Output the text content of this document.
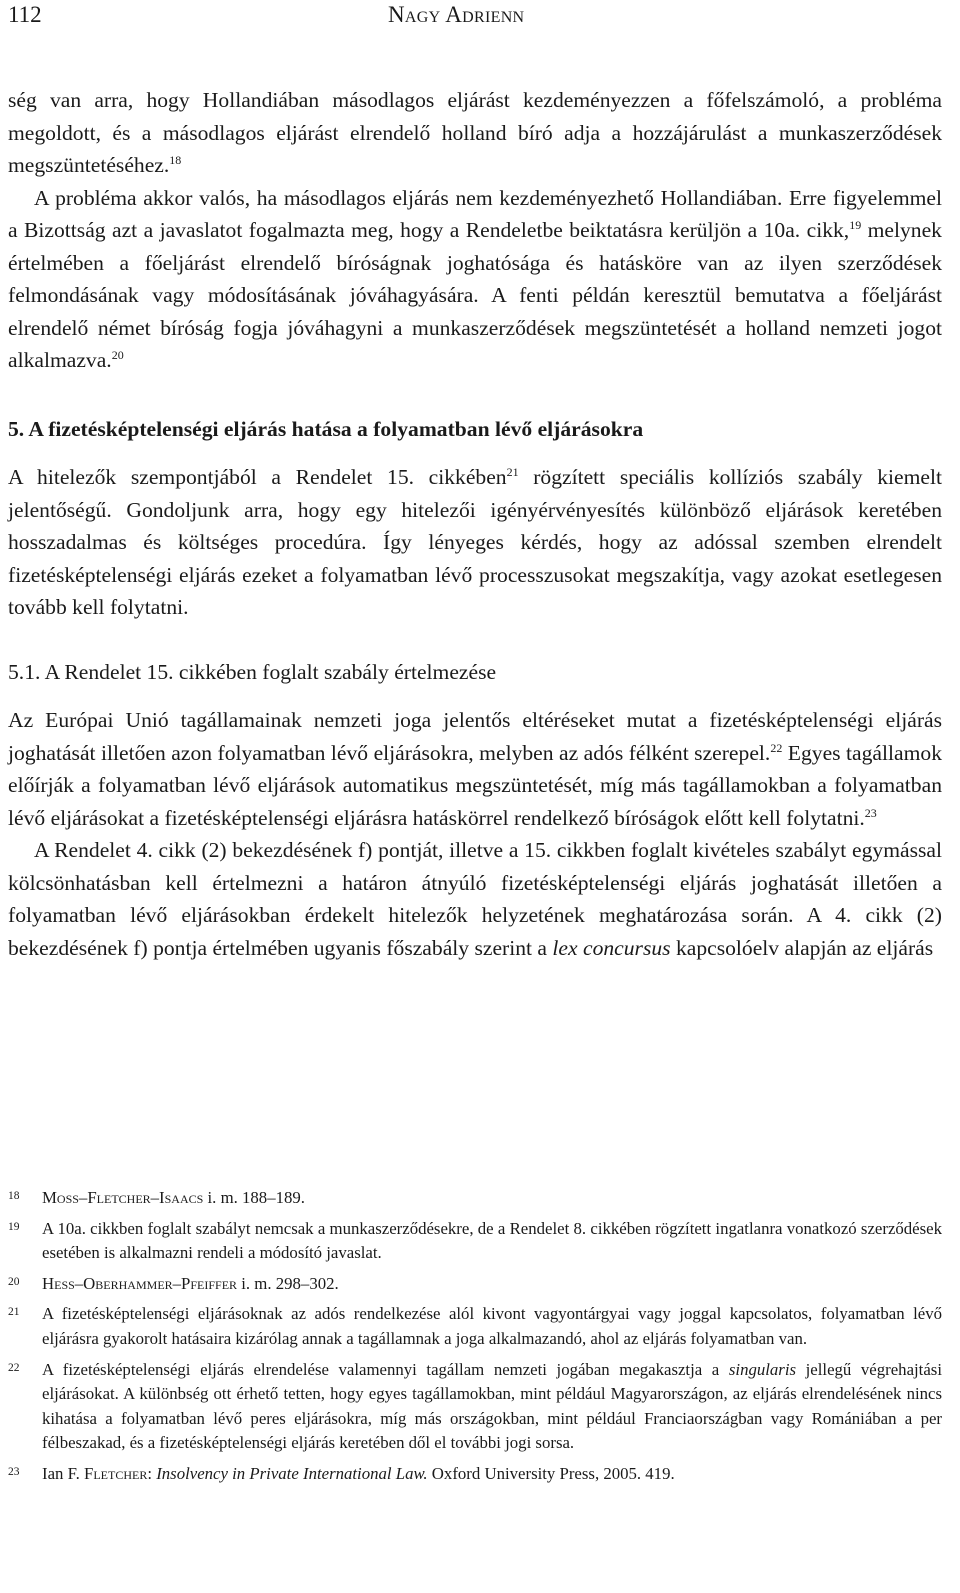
112	Nagy Adrienn

ség van arra, hogy Hollandiában másodlagos eljárást kezdeményezzen a főfelszámoló, a probléma megoldott, és a másodlagos eljárást elrendelő holland bíró adja a hozzájárulást a munkaszerződések megszüntetéséhez.$^{18}$

A probléma akkor valós, ha másodlagos eljárás nem kezdeményezhető Hollandiában. Erre figyelemmel a Bizottság azt a javaslatot fogalmazta meg, hogy a Rendeletbe beiktatásra kerüljön a 10a. cikk,$^{19}$ melynek értelmében a főeljárást elrendelő bíróságnak joghatósága és hatásköre van az ilyen szerződések felmondásának vagy módosításának jóváhagyására. A fenti példán keresztül bemutatva a főeljárást elrendelő német bíróság fogja jóváhagyni a munkaszerződések megszüntetését a holland nemzeti jogot alkalmazva.$^{20}$

5. A fizetésképtelenségi eljárás hatása a folyamatban lévő eljárásokra

A hitelezők szempontjából a Rendelet 15. cikkében$^{21}$ rögzített speciális kollíziós szabály kiemelt jelentőségű. Gondoljunk arra, hogy egy hitelezői igényérvényesítés különböző eljárások keretében hosszadalmas és költséges procedúra. Így lényeges kérdés, hogy az adóssal szemben elrendelt fizetésképtelenségi eljárás ezeket a folyamatban lévő processzusokat megszakítja, vagy azokat esetlegesen tovább kell folytatni.

5.1. A Rendelet 15. cikkében foglalt szabály értelmezése

Az Európai Unió tagállamainak nemzeti joga jelentős eltéréseket mutat a fizetésképtelenségi eljárás joghatását illetően azon folyamatban lévő eljárásokra, melyben az adós félként szerepel.$^{22}$ Egyes tagállamok előírják a folyamatban lévő eljárások automatikus megszüntetését, míg más tagállamokban a folyamatban lévő eljárásokat a fizetésképtelenségi eljárásra hatáskörrel rendelkező bíróságok előtt kell folytatni.$^{23}$

A Rendelet 4. cikk (2) bekezdésének f) pontját, illetve a 15. cikkben foglalt kivételes szabályt egymással kölcsönhatásban kell értelmezni a határon átnyúló fizetésképtelenségi eljárás joghatását illetően a folyamatban lévő eljárásokban érdekelt hitelezők helyzetének meghatározása során. A 4. cikk (2) bekezdésének f) pontja értelmében ugyanis főszabály szerint a lex concursus kapcsolóelv alapján az eljárás

18 Moss–Fletcher–Isaacs i. m. 188–189.
19 A 10a. cikkben foglalt szabályt nemcsak a munkaszerződésekre, de a Rendelet 8. cikkében rögzített ingatlanra vonatkozó szerződések esetében is alkalmazni rendeli a módosító javaslat.
20 Hess–Oberhammer–Pfeiffer i. m. 298–302.
21 A fizetésképtelenségi eljárásoknak az adós rendelkezése alól kivont vagyontárgyai vagy joggal kapcsolatos, folyamatban lévő eljárásra gyakorolt hatásaira kizárólag annak a tagállamnak a joga alkalmazandó, ahol az eljárás folyamatban van.
22 A fizetésképtelenségi eljárás elrendelése valamennyi tagállam nemzeti jogában megakasztja a singularis jellegű végrehajtási eljárásokat. A különbség ott érhető tetten, hogy egyes tagállamokban, mint például Magyarországon, az eljárás elrendelésének nincs kihatása a folyamatban lévő peres eljárásokra, míg más országokban, mint például Franciaországban vagy Romániában a per félbeszakad, és a fizetésképtelenségi eljárás keretében dől el további jogi sorsa.
23 Ian F. Fletcher: Insolvency in Private International Law. Oxford University Press, 2005. 419.
